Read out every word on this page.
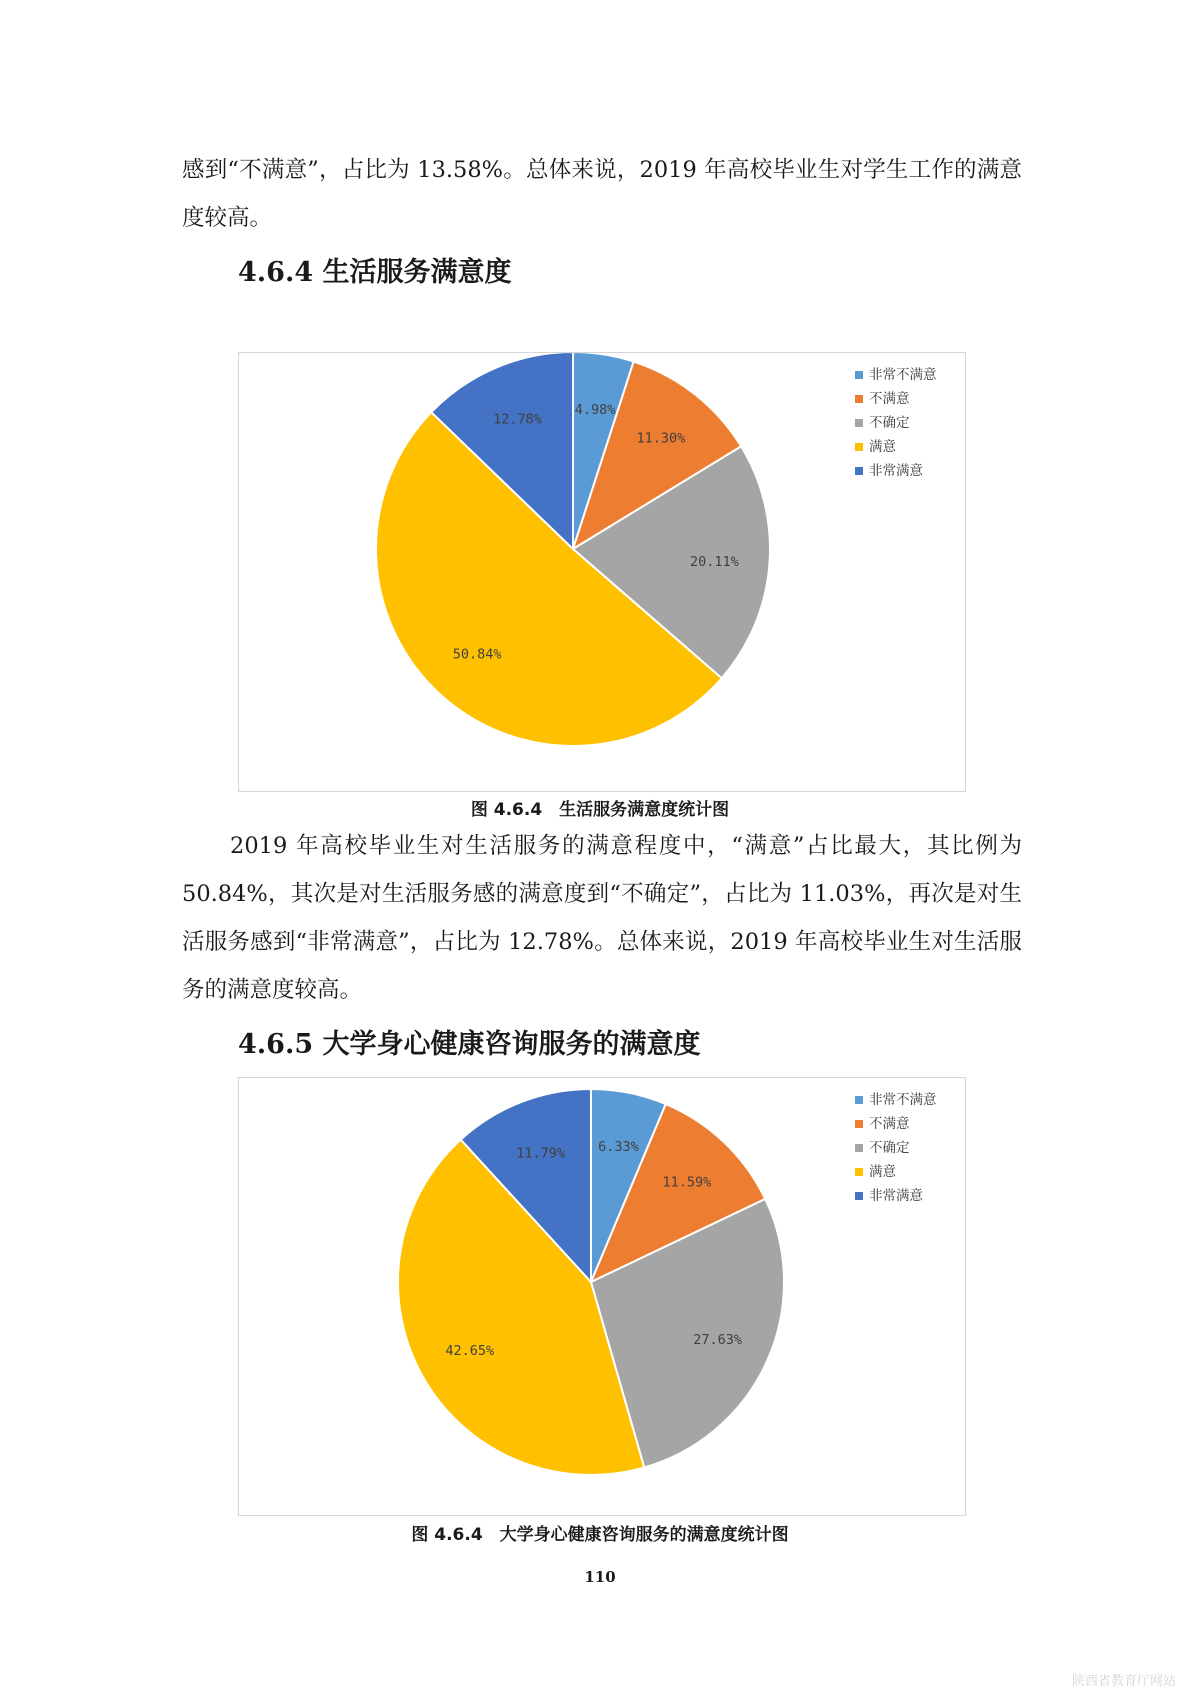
感到“不满意”，占比为 13.58%。总体来说，2019 年高校毕业生对学生工作的满意度较高。

4.6.4 生活服务满意度
4.98%
11.30%
20.11%
50.84%
12.78%
非常不满意
不满意
不确定
满意
非常满意

图 4.6.4　生活服务满意度统计图

2019 年高校毕业生对生活服务的满意程度中，“满意”占比最大，其比例为 50.84%，其次是对生活服务感的满意度到“不确定”，占比为 11.03%，再次是对生活服务感到“非常满意”，占比为 12.78%。总体来说，2019 年高校毕业生对生活服务的满意度较高。

4.6.5 大学身心健康咨询服务的满意度
6.33%
11.59%
27.63%
42.65%
11.79%
非常不满意
不满意
不确定
满意
非常满意

图 4.6.4　大学身心健康咨询服务的满意度统计图

110

陕西省教育厅网站
